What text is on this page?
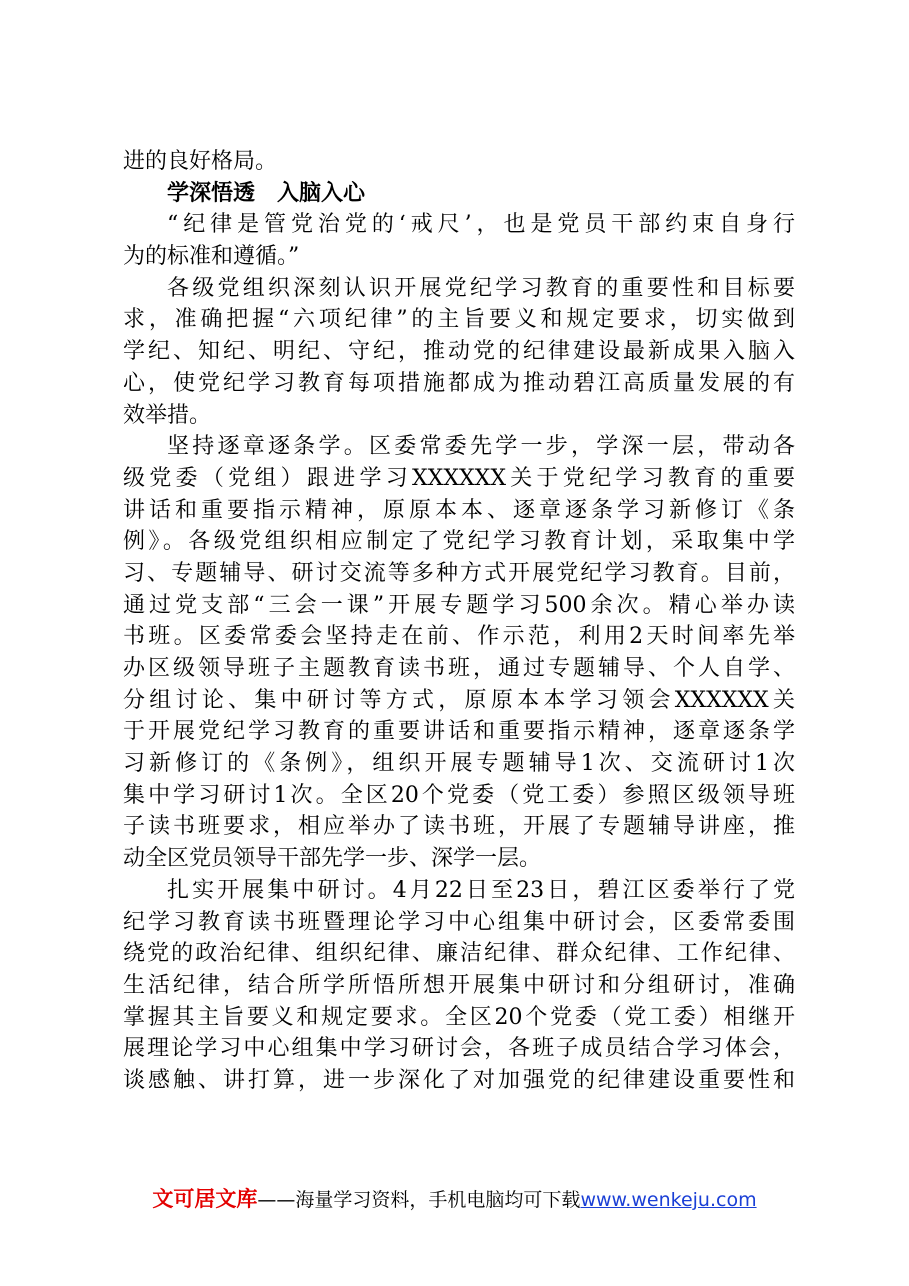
进的良好格局。
学深悟透　入脑入心
“纪律是管党治党的‘戒尺’，也是党员干部约束自身行
为的标准和遵循。”
各级党组织深刻认识开展党纪学习教育的重要性和目标要
求，准确把握“六项纪律”的主旨要义和规定要求，切实做到
学纪、知纪、明纪、守纪，推动党的纪律建设最新成果入脑入
心，使党纪学习教育每项措施都成为推动碧江高质量发展的有
效举措。
坚持逐章逐条学。区委常委先学一步，学深一层，带动各
级党委（党组）跟进学习XXXXXX关于党纪学习教育的重要
讲话和重要指示精神，原原本本、逐章逐条学习新修订《条
例》。各级党组织相应制定了党纪学习教育计划，采取集中学
习、专题辅导、研讨交流等多种方式开展党纪学习教育。目前，
通过党支部“三会一课”开展专题学习500余次。精心举办读
书班。区委常委会坚持走在前、作示范，利用2天时间率先举
办区级领导班子主题教育读书班，通过专题辅导、个人自学、
分组讨论、集中研讨等方式，原原本本学习领会XXXXXX关
于开展党纪学习教育的重要讲话和重要指示精神，逐章逐条学
习新修订的《条例》，组织开展专题辅导1次、交流研讨1次
集中学习研讨1次。全区20个党委（党工委）参照区级领导班
子读书班要求，相应举办了读书班，开展了专题辅导讲座，推
动全区党员领导干部先学一步、深学一层。
扎实开展集中研讨。4月22日至23日，碧江区委举行了党
纪学习教育读书班暨理论学习中心组集中研讨会，区委常委围
绕党的政治纪律、组织纪律、廉洁纪律、群众纪律、工作纪律、
生活纪律，结合所学所悟所想开展集中研讨和分组研讨，准确
掌握其主旨要义和规定要求。全区20个党委（党工委）相继开
展理论学习中心组集中学习研讨会，各班子成员结合学习体会，
谈感触、讲打算，进一步深化了对加强党的纪律建设重要性和
文可居文库——海量学习资料，手机电脑均可下载www.wenkeju.com
